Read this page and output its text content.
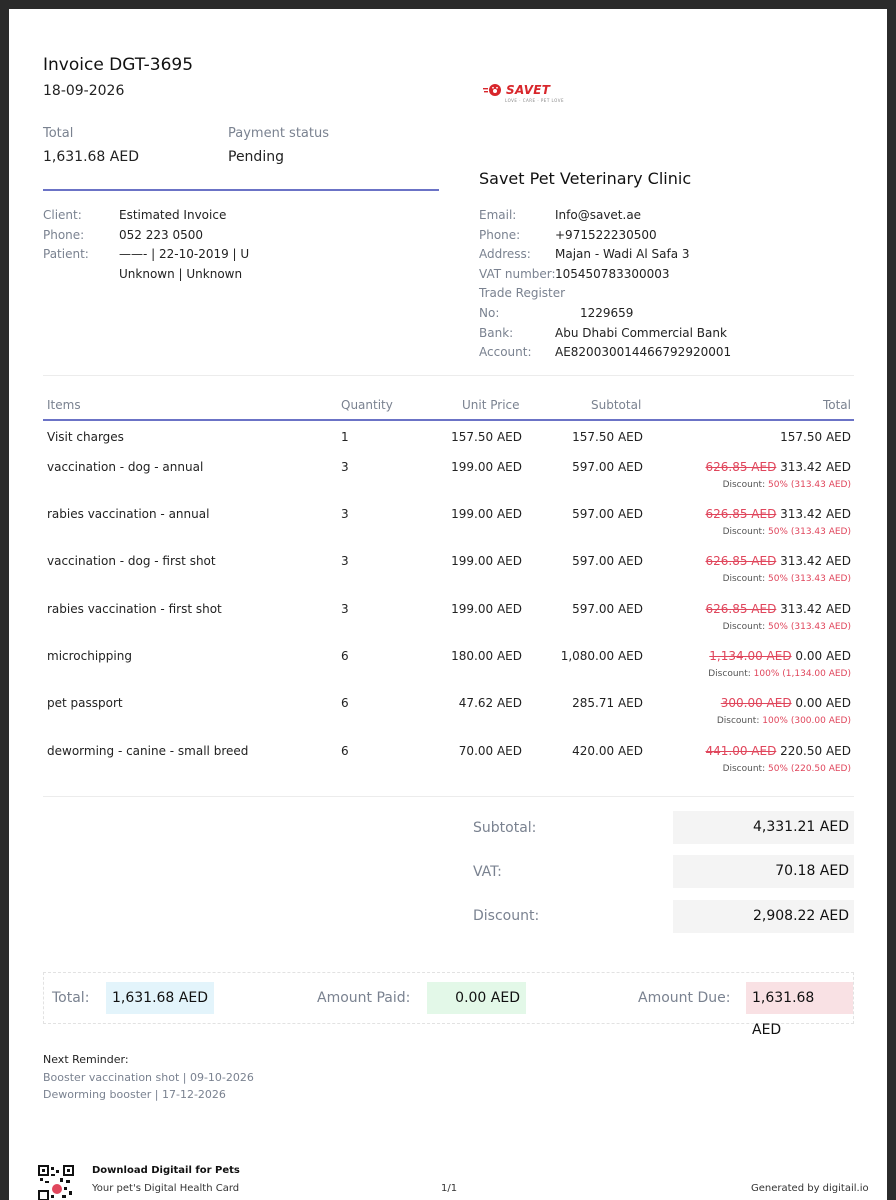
Invoice DGT-3695
18-09-2026	SAVET
LOVE · CARE · PET LOVE
Total
1,631.68 AED
Payment status
Pending
Savet Pet Veterinary Clinic
Client:	Estimated Invoice
Phone:	052 223 0500
Patient:	——- | 22-10-2019 | U
Unknown | Unknown
Email:	Info@savet.ae
Phone:	+971522230500
Address: Majan - Wadi Al Safa 3
VAT number:105450783300003
Trade Register
No:	1229659
Bank:	Abu Dhabi Commercial Bank
Account: AE820030014466792920001
Items	Quantity	Unit Price	Subtotal	Total
Visit charges	1	157.50 AED	157.50 AED	157.50 AED
vaccination - dog - annual	3	199.00 AED	597.00 AED	626.85 AED 313.42 AED
Discount: 50% (313.43 AED)
rabies vaccination - annual	3	199.00 AED	597.00 AED	626.85 AED 313.42 AED
Discount: 50% (313.43 AED)
vaccination - dog - first shot	3	199.00 AED	597.00 AED	626.85 AED 313.42 AED
Discount: 50% (313.43 AED)
rabies vaccination - first shot	3	199.00 AED	597.00 AED	626.85 AED 313.42 AED
Discount: 50% (313.43 AED)
microchipping	6	180.00 AED	1,080.00 AED	1,134.00 AED 0.00 AED
Discount: 100% (1,134.00 AED)
pet passport	6	47.62 AED	285.71 AED	300.00 AED 0.00 AED
Discount: 100% (300.00 AED)
deworming - canine - small breed	6	70.00 AED	420.00 AED	441.00 AED 220.50 AED
Discount: 50% (220.50 AED)
Subtotal:	4,331.21 AED
VAT:	70.18 AED
Discount:	2,908.22 AED
Total:	1,631.68 AED	Amount Paid:	0.00 AED	Amount Due:	1,631.68 AED
Next Reminder:
Booster vaccination shot | 09-10-2026
Deworming booster | 17-12-2026
Download Digitail for Pets
Your pet's Digital Health Card	1/1	Generated by digitail.io
